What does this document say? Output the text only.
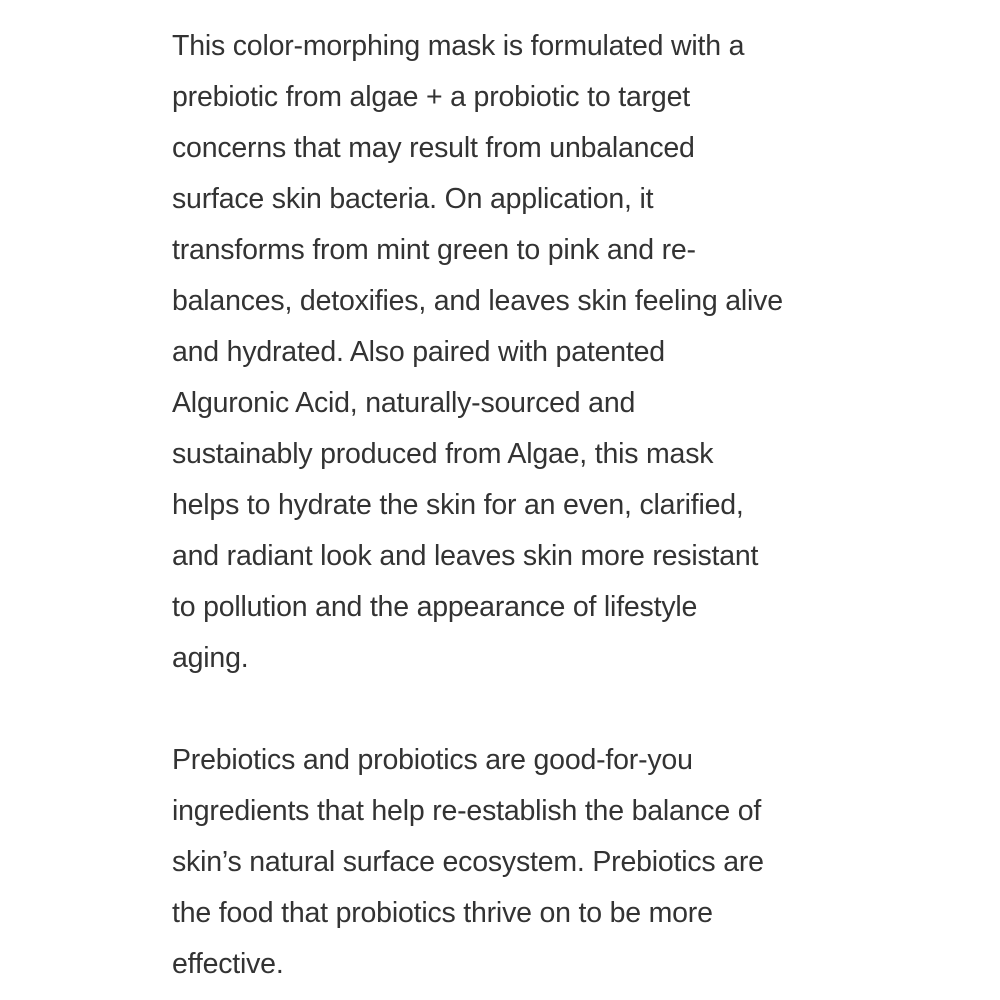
This color-morphing mask is formulated with a
prebiotic from algae + a probiotic to target
concerns that may result from unbalanced
surface skin bacteria. On application, it
transforms from mint green to pink and re-
balances, detoxifies, and leaves skin feeling alive
and hydrated. Also paired with patented
Alguronic Acid, naturally-sourced and
sustainably produced from Algae, this mask
helps to hydrate the skin for an even, clarified,
and radiant look and leaves skin more resistant
to pollution and the appearance of lifestyle
aging.

Prebiotics and probiotics are good-for-you
ingredients that help re-establish the balance of
skin’s natural surface ecosystem. Prebiotics are
the food that probiotics thrive on to be more
effective.
